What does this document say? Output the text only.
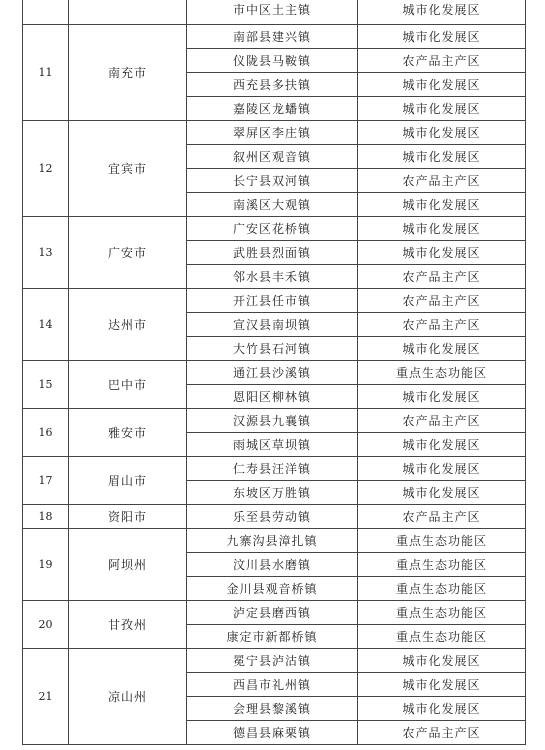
		市中区土主镇	城市化发展区
11	南充市	南部县建兴镇	城市化发展区
		仪陇县马鞍镇	农产品主产区
		西充县多扶镇	城市化发展区
		嘉陵区龙蟠镇	城市化发展区
12	宜宾市	翠屏区李庄镇	城市化发展区
		叙州区观音镇	城市化发展区
		长宁县双河镇	农产品主产区
		南溪区大观镇	城市化发展区
13	广安市	广安区花桥镇	城市化发展区
		武胜县烈面镇	城市化发展区
		邻水县丰禾镇	农产品主产区
14	达州市	开江县任市镇	农产品主产区
		宣汉县南坝镇	农产品主产区
		大竹县石河镇	城市化发展区
15	巴中市	通江县沙溪镇	重点生态功能区
		恩阳区柳林镇	城市化发展区
16	雅安市	汉源县九襄镇	农产品主产区
		雨城区草坝镇	城市化发展区
17	眉山市	仁寿县汪洋镇	城市化发展区
		东坡区万胜镇	城市化发展区
18	资阳市	乐至县劳动镇	农产品主产区
19	阿坝州	九寨沟县漳扎镇	重点生态功能区
		汶川县水磨镇	重点生态功能区
		金川县观音桥镇	重点生态功能区
20	甘孜州	泸定县磨西镇	重点生态功能区
		康定市新都桥镇	重点生态功能区
21	凉山州	冕宁县泸沽镇	城市化发展区
		西昌市礼州镇	城市化发展区
		会理县黎溪镇	城市化发展区
		德昌县麻栗镇	农产品主产区
